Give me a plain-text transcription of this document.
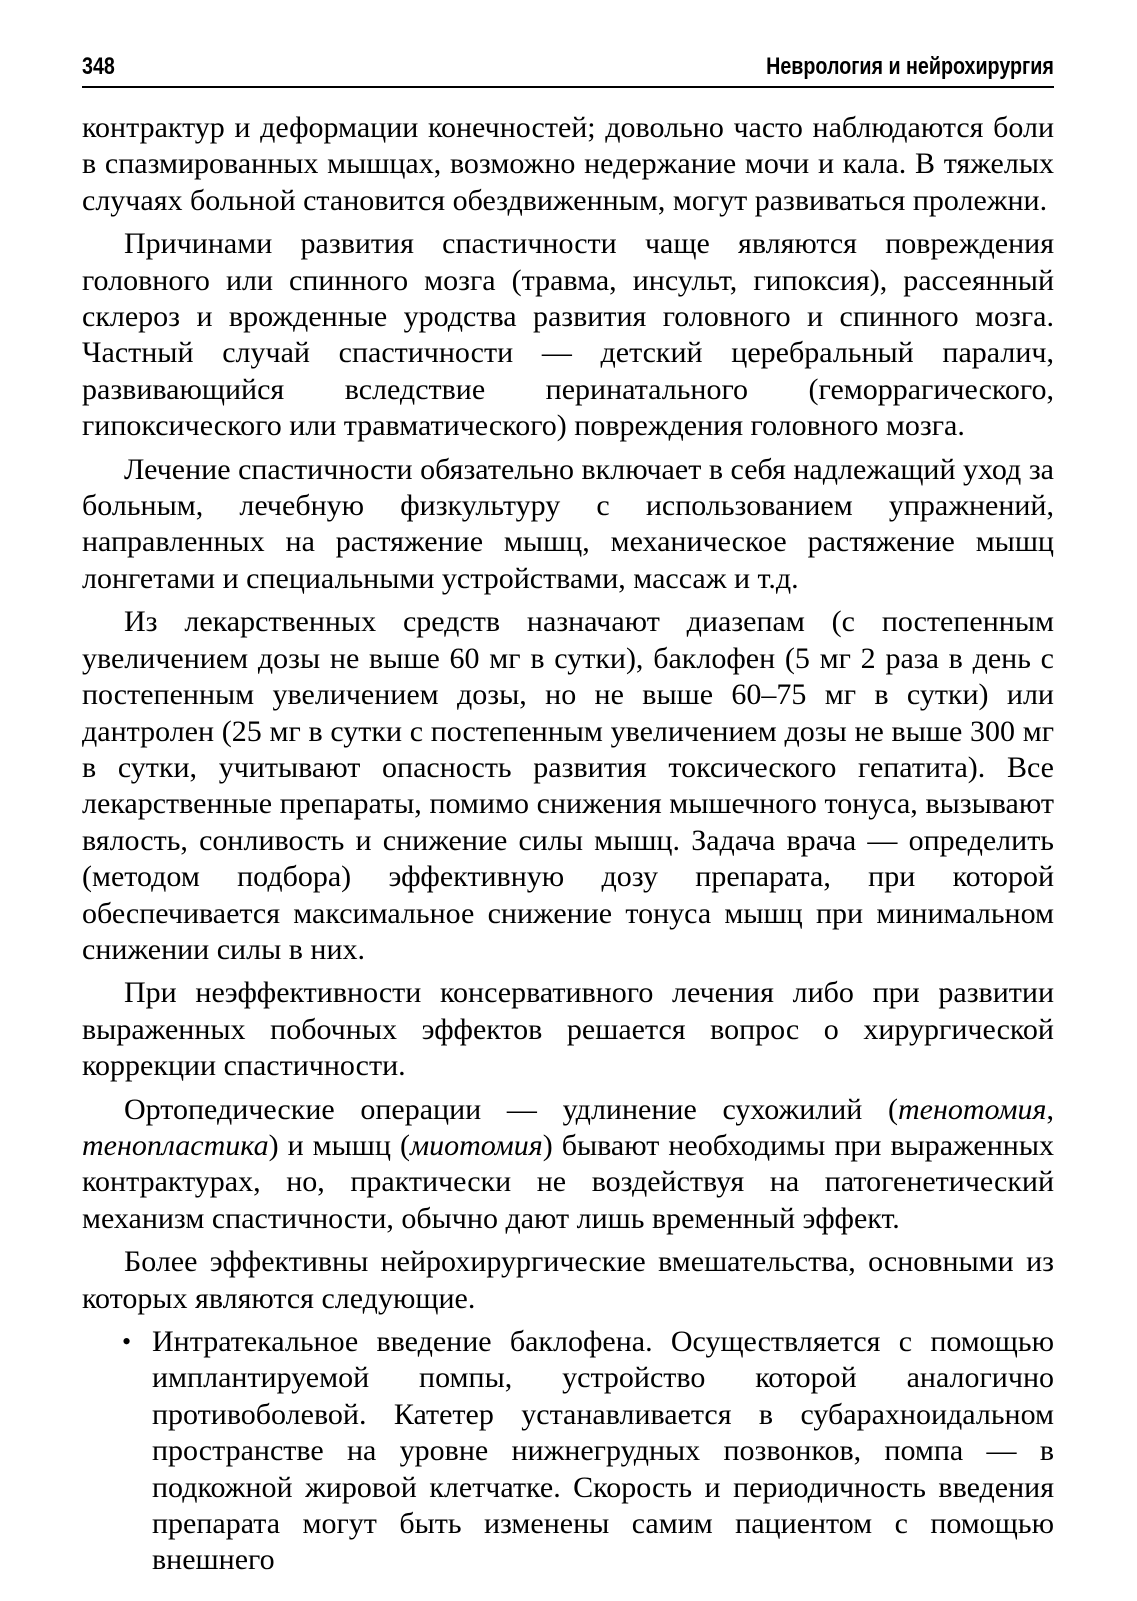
348	Неврология и нейрохирургия

контрактур и деформации конечностей; довольно часто наблюдаются боли в спазмированных мышцах, возможно недержание мочи и кала. В тяжелых случаях больной становится обездвиженным, могут развиваться пролежни.

Причинами развития спастичности чаще являются повреждения головного или спинного мозга (травма, инсульт, гипоксия), рассеянный склероз и врожденные уродства развития головного и спинного мозга. Частный случай спастичности — детский церебральный паралич, развивающийся вследствие перинатального (геморрагического, гипоксического или травматического) повреждения головного мозга.

Лечение спастичности обязательно включает в себя надлежащий уход за больным, лечебную физкультуру с использованием упражнений, направленных на растяжение мышц, механическое растяжение мышц лонгетами и специальными устройствами, массаж и т.д.

Из лекарственных средств назначают диазепам (с постепенным увеличением дозы не выше 60 мг в сутки), баклофен (5 мг 2 раза в день с постепенным увеличением дозы, но не выше 60–75 мг в сутки) или дантролен (25 мг в сутки с постепенным увеличением дозы не выше 300 мг в сутки, учитывают опасность развития токсического гепатита). Все лекарственные препараты, помимо снижения мышечного тонуса, вызывают вялость, сонливость и снижение силы мышц. Задача врача — определить (методом подбора) эффективную дозу препарата, при которой обеспечивается максимальное снижение тонуса мышц при минимальном снижении силы в них.

При неэффективности консервативного лечения либо при развитии выраженных побочных эффектов решается вопрос о хирургической коррекции спастичности.

Ортопедические операции — удлинение сухожилий (тенотомия, тенопластика) и мышц (миотомия) бывают необходимы при выраженных контрактурах, но, практически не воздействуя на патогенетический механизм спастичности, обычно дают лишь временный эффект.

Более эффективны нейрохирургические вмешательства, основными из которых являются следующие.

• Интратекальное введение баклофена. Осуществляется с помощью имплантируемой помпы, устройство которой аналогично противоболевой. Катетер устанавливается в субарахноидальном пространстве на уровне нижнегрудных позвонков, помпа — в подкожной жировой клетчатке. Скорость и периодичность введения препарата могут быть изменены самим пациентом с помощью внешнего
